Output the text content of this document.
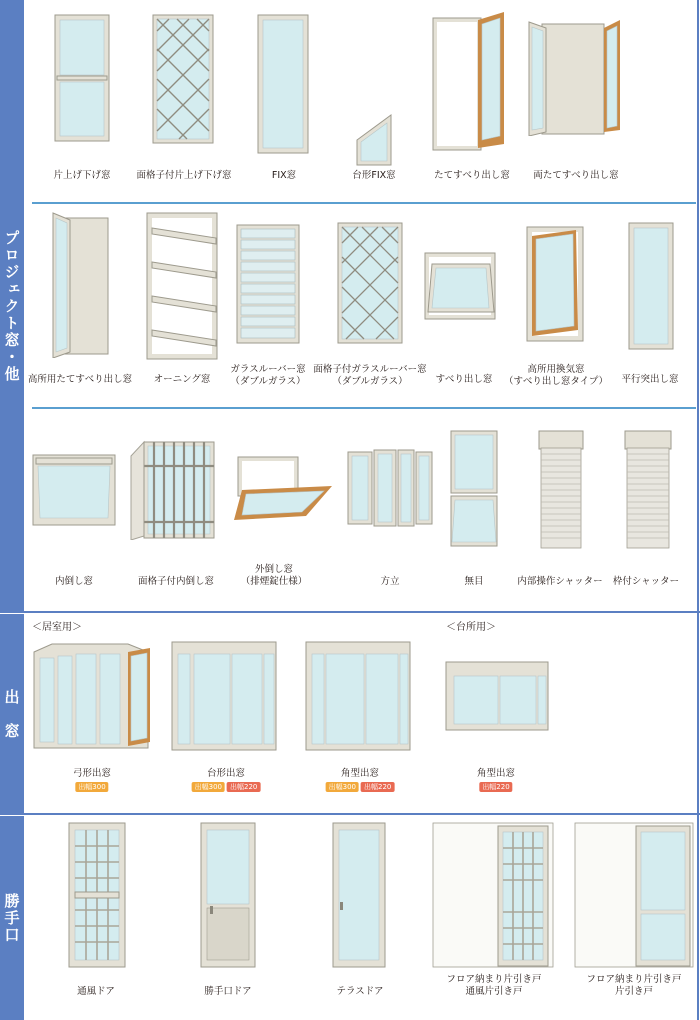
プロジェクト窓・他
出　窓
勝手口
片上げ下げ窓	面格子付片上げ下げ窓	FIX窓	台形FIX窓	たてすべり出し窓 両たてすべり出し窓
高所用たてすべり出し窓 オーニング窓
ガラスルーバー窓
（ダブルガラス）
面格子付ガラスルーバー窓
（ダブルガラス）	すべり出し窓
高所用換気窓
（すべり出し窓タイプ） 平行突出し窓
内倒し窓	面格子付内倒し窓
外倒し窓
（排煙錠仕様）	方立	無目	内部操作シャッター 枠付シャッター
＜居室用＞	＜台所用＞
弓形出窓	台形出窓	角型出窓	角型出窓
出幅300	出幅300	出幅220	出幅300	出幅220	出幅220
通風ドア	勝手口ドア	テラスドア
フロア納まり片引き戸
通風片引き戸
フロア納まり片引き戸
片引き戸
